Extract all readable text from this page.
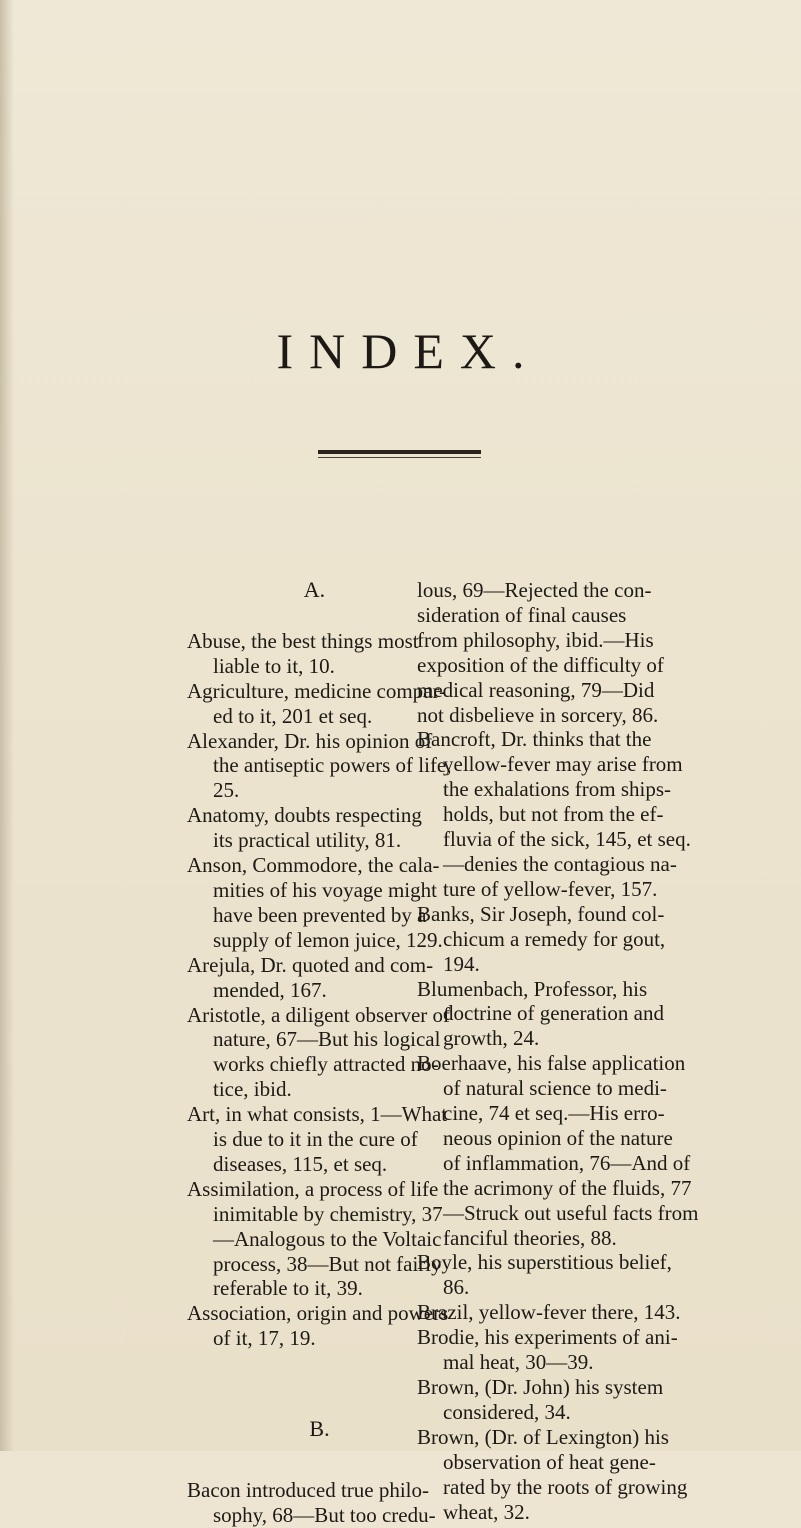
INDEX.
A.
Abuse, the best things most
liable to it, 10.
Agriculture, medicine compar-
ed to it, 201 et seq.
Alexander, Dr. his opinion of
the antiseptic powers of life,
25.
Anatomy, doubts respecting
its practical utility, 81.
Anson, Commodore, the cala-
mities of his voyage might
have been prevented by a
supply of lemon juice, 129.
Arejula, Dr. quoted and com-
mended, 167.
Aristotle, a diligent observer of
nature, 67—But his logical
works chiefly attracted no-
tice, ibid.
Art, in what consists, 1—What
is due to it in the cure of
diseases, 115, et seq.
Assimilation, a process of life
inimitable by chemistry, 37
—Analogous to the Voltaic
process, 38—But not fairly
referable to it, 39.
Association, origin and powers
of it, 17, 19.
B.
Bacon introduced true philo-
sophy, 68—But too credu-
lous, 69—Rejected the con-
sideration of final causes
from philosophy, ibid.—His
exposition of the difficulty of
medical reasoning, 79—Did
not disbelieve in sorcery, 86.
Bancroft, Dr. thinks that the
yellow-fever may arise from
the exhalations from ships-
holds, but not from the ef-
fluvia of the sick, 145, et seq.
—denies the contagious na-
ture of yellow-fever, 157.
Banks, Sir Joseph, found col-
chicum a remedy for gout,
194.
Blumenbach, Professor, his
doctrine of generation and
growth, 24.
Boerhaave, his false application
of natural science to medi-
cine, 74 et seq.—His erro-
neous opinion of the nature
of inflammation, 76—And of
the acrimony of the fluids, 77
—Struck out useful facts from
fanciful theories, 88.
Boyle, his superstitious belief,
86.
Brazil, yellow-fever there, 143.
Brodie, his experiments of ani-
mal heat, 30—39.
Brown, (Dr. John) his system
considered, 34.
Brown, (Dr. of Lexington) his
observation of heat gene-
rated by the roots of growing
wheat, 32.
